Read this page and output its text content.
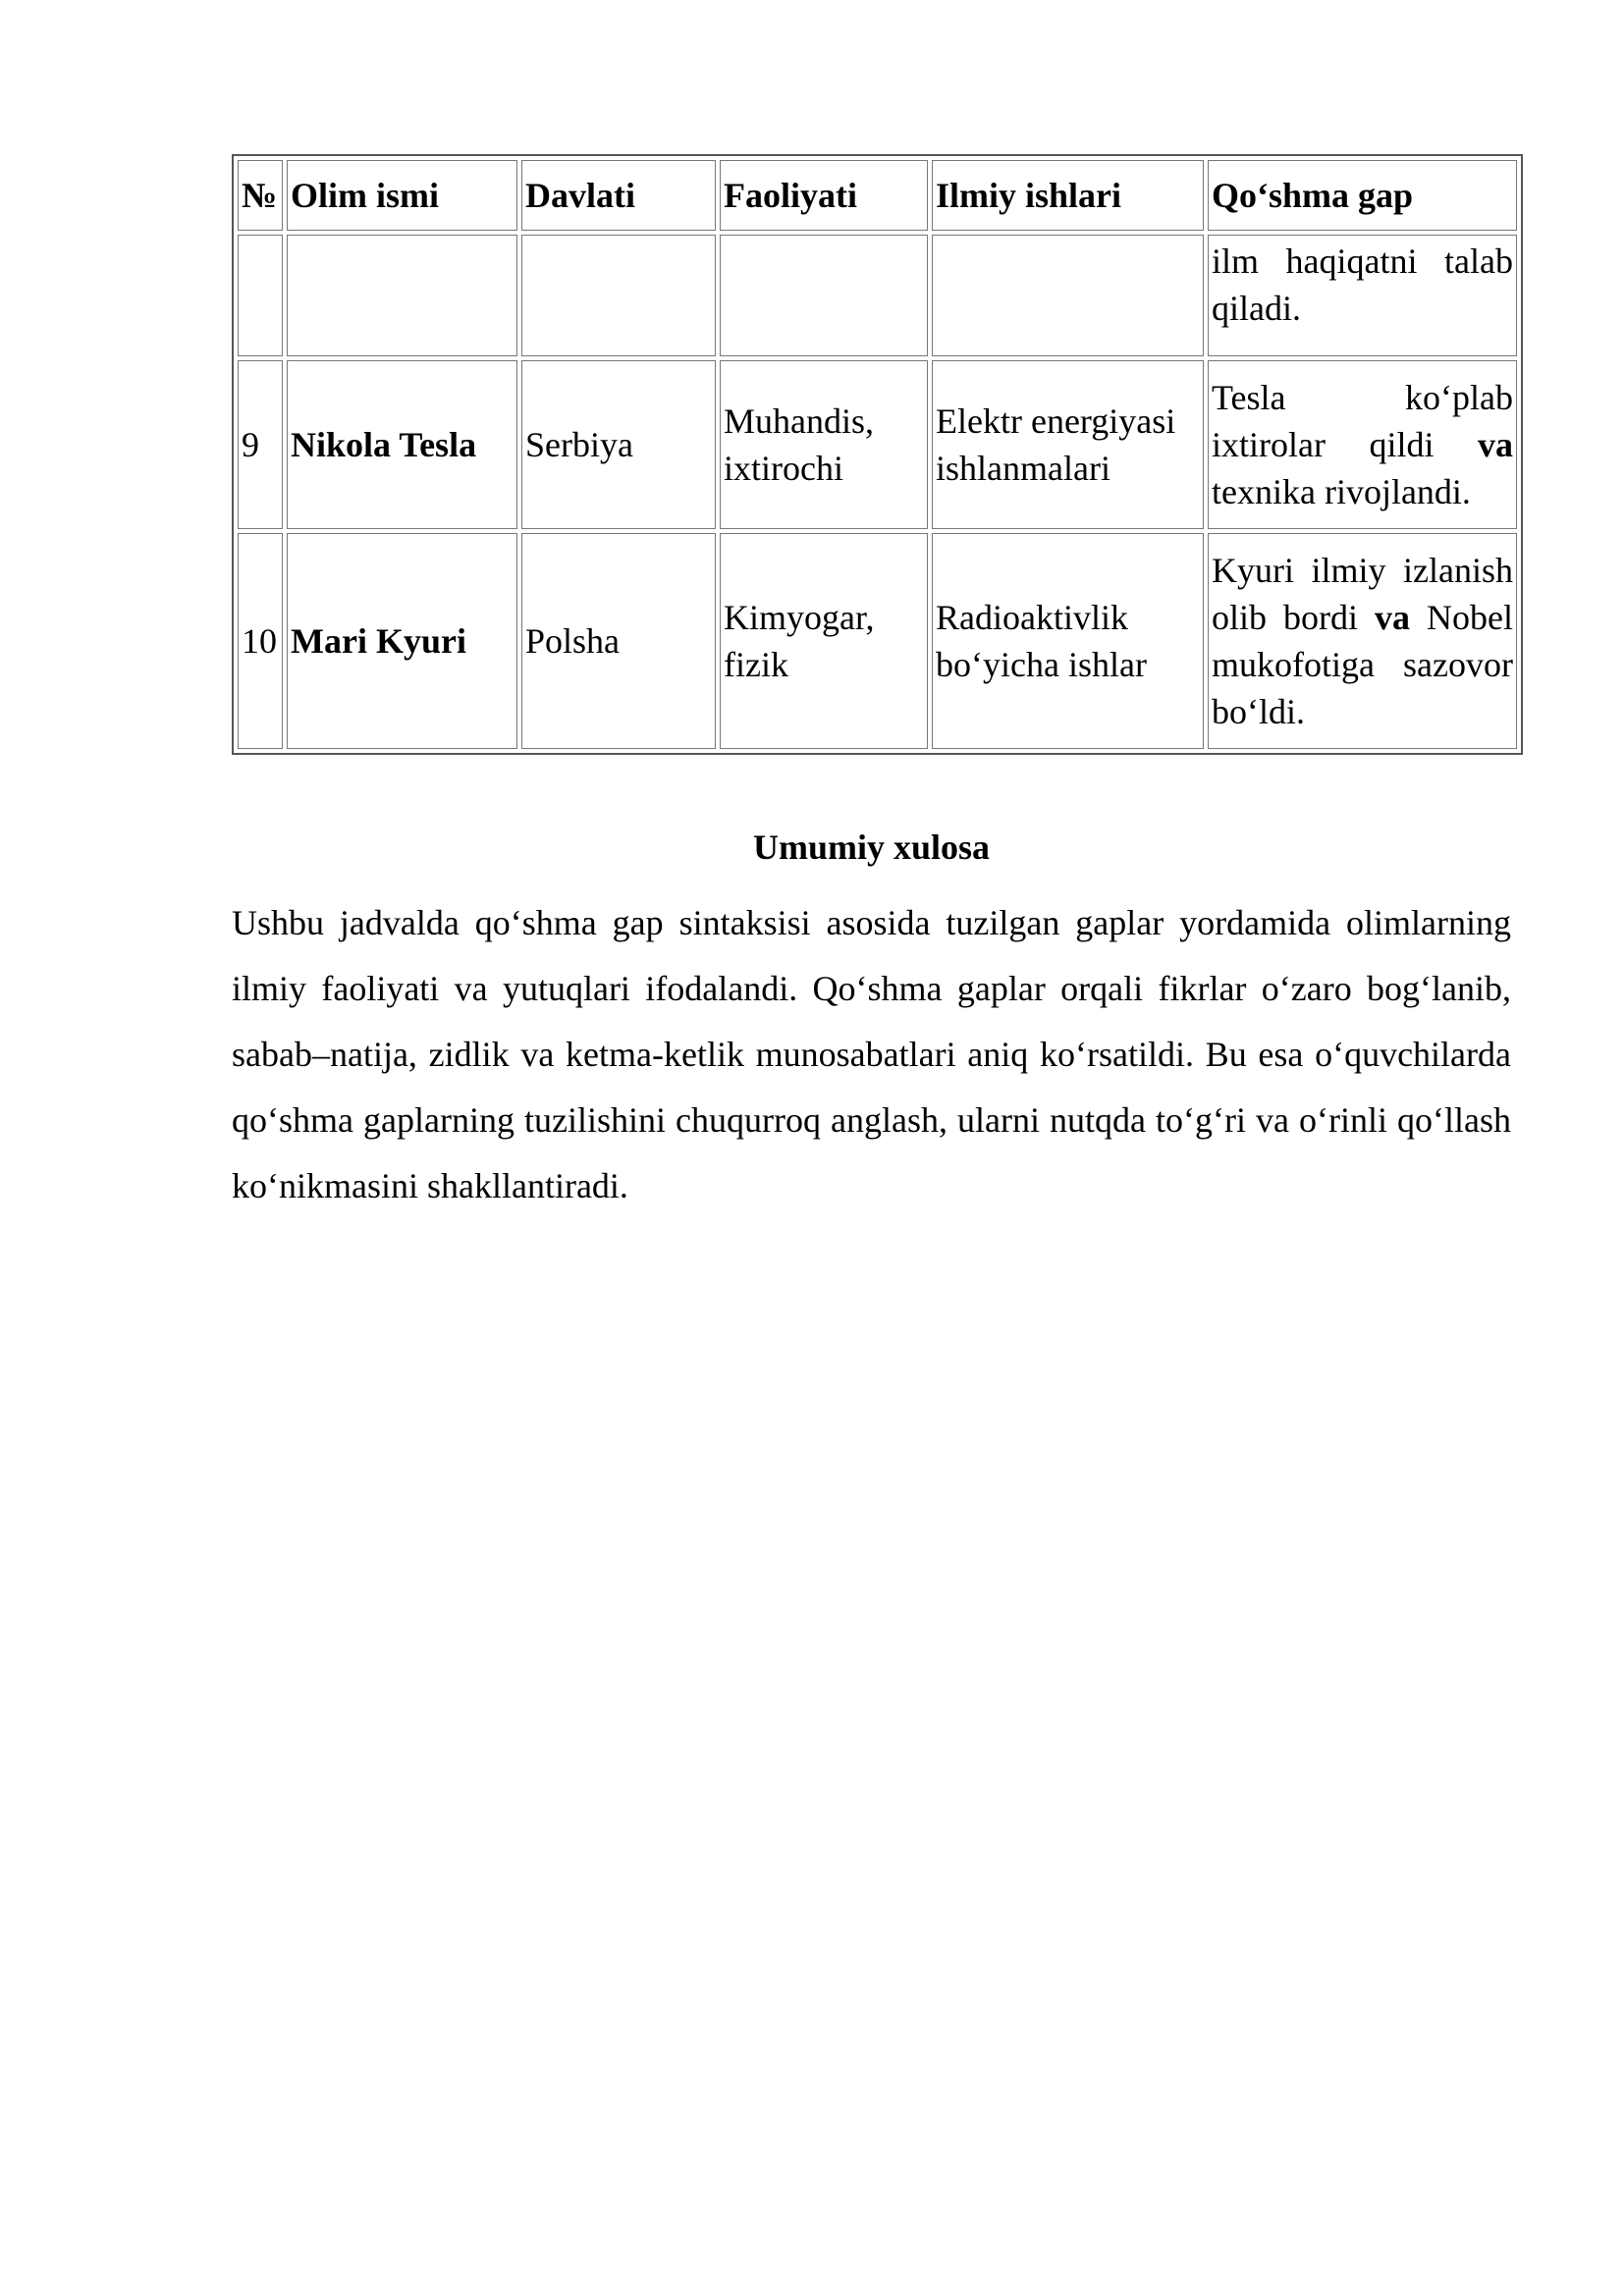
№	Olim ismi	Davlati	Faoliyati	Ilmiy ishlari	Qo‘shma gap
					ilm haqiqatni talab qiladi.
9	Nikola Tesla	Serbiya	Muhandis, ixtirochi	Elektr energiyasi ishlanmalari	Tesla ko‘plab ixtirolar qildi va texnika rivojlandi.
10	Mari Kyuri	Polsha	Kimyogar, fizik	Radioaktivlik bo‘yicha ishlar	Kyuri ilmiy izlanish olib bordi va Nobel mukofotiga sazovor bo‘ldi.
Umumiy xulosa

Ushbu jadvalda qo‘shma gap sintaksisi asosida tuzilgan gaplar yordamida olimlarning ilmiy faoliyati va yutuqlari ifodalandi. Qo‘shma gaplar orqali fikrlar o‘zaro bog‘lanib, sabab–natija, zidlik va ketma-ketlik munosabatlari aniq ko‘rsatildi. Bu esa o‘quvchilarda qo‘shma gaplarning tuzilishini chuqurroq anglash, ularni nutqda to‘g‘ri va o‘rinli qo‘llash ko‘nikmasini shakllantiradi.
